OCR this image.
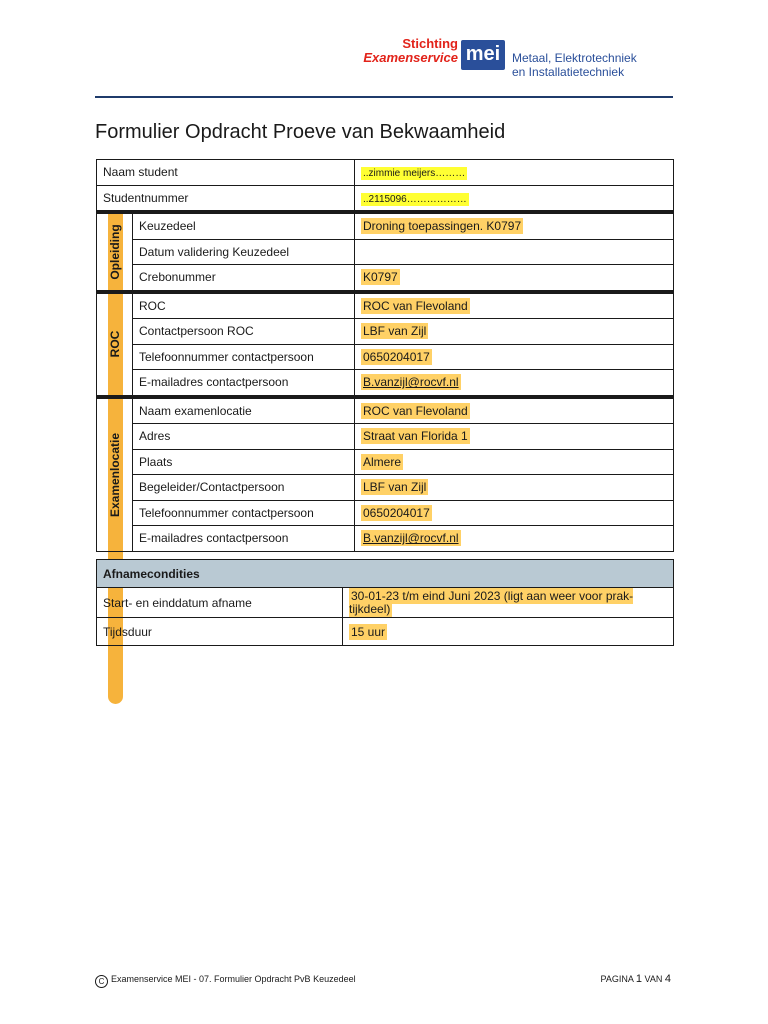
Stichting
Examenservice mei Metaal, Elektrotechniek
en Installatietechniek
Formulier Opdracht Proeve van Bekwaamheid
Naam student		..zimmie meijers………
Studentnummer		..2115096………………

Opleiding	Keuzedeel	Droning toepassingen. K0797
	Datum validering Keuzedeel	
	Crebonummer	K0797

ROC	ROC	ROC van Flevoland
	Contactpersoon ROC	LBF van Zijl
	Telefoonnummer contactpersoon	0650204017
	E-mailadres contactpersoon	B.vanzijl@rocvf.nl

Examenlocatie	Naam examenlocatie	ROC van Flevoland
	Adres	Straat van Florida 1
	Plaats	Almere
	Begeleider/Contactpersoon	LBF van Zijl
	Telefoonnummer contactpersoon	0650204017
	E-mailadres contactpersoon	B.vanzijl@rocvf.nl
Afnamecondities	
Start- en einddatum afname	30-01-23 t/m eind Juni 2023 (ligt aan weer voor prak-tijkdeel)
Tijdsduur	15 uur
C Examenservice MEI - 07. Formulier Opdracht PvB Keuzedeel	PAGINA 1 VAN 4
